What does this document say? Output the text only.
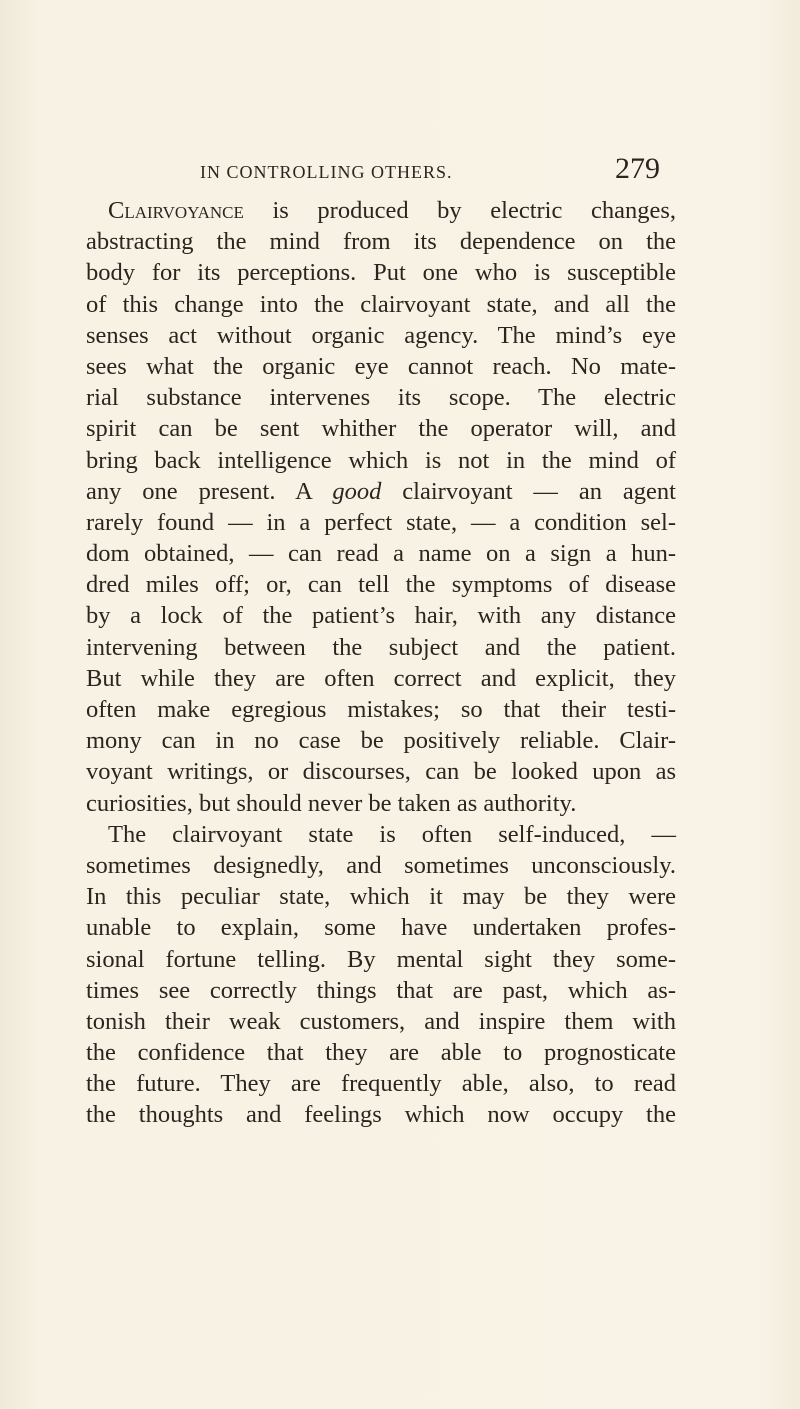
IN CONTROLLING OTHERS.	279
Clairvoyance is produced by electric changes,
abstracting the mind from its dependence on the
body for its perceptions. Put one who is susceptible
of this change into the clairvoyant state, and all the
senses act without organic agency. The mind’s eye
sees what the organic eye cannot reach. No mate-
rial substance intervenes its scope. The electric
spirit can be sent whither the operator will, and
bring back intelligence which is not in the mind of
any one present. A good clairvoyant — an agent
rarely found — in a perfect state, — a condition sel-
dom obtained, — can read a name on a sign a hun-
dred miles off; or, can tell the symptoms of disease
by a lock of the patient’s hair, with any distance
intervening between the subject and the patient.
But while they are often correct and explicit, they
often make egregious mistakes; so that their testi-
mony can in no case be positively reliable. Clair-
voyant writings, or discourses, can be looked upon as
curiosities, but should never be taken as authority.
The clairvoyant state is often self-induced, —
sometimes designedly, and sometimes unconsciously.
In this peculiar state, which it may be they were
unable to explain, some have undertaken profes-
sional fortune telling. By mental sight they some-
times see correctly things that are past, which as-
tonish their weak customers, and inspire them with
the confidence that they are able to prognosticate
the future. They are frequently able, also, to read
the thoughts and feelings which now occupy the
